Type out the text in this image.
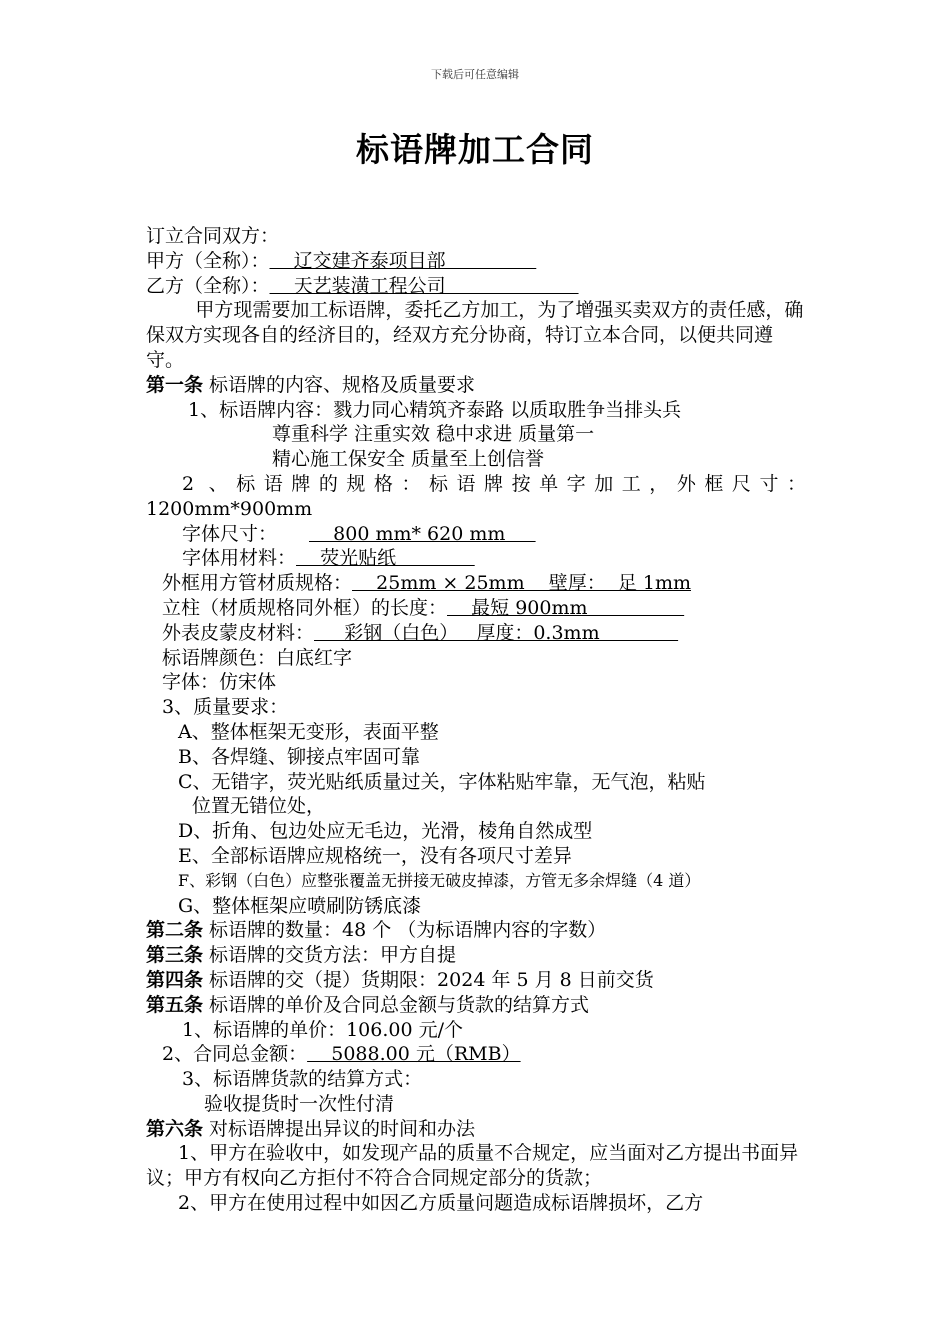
下载后可任意编辑
标语牌加工合同
订立合同双方：
甲方（全称）：    辽交建齐泰项目部
乙方（全称）：    天艺装潢工程公司
甲方现需要加工标语牌，委托乙方加工，为了增强买卖双方的责任感，确保双方实现各自的经济目的，经双方充分协商，特订立本合同，以便共同遵守。
第一条 标语牌的内容、规格及质量要求
1、标语牌内容：戮力同心精筑齐泰路 以质取胜争当排头兵
尊重科学 注重实效 稳中求进 质量第一
精心施工保安全 质量至上创信誉
2 、标语牌的规格：标语牌按单字加工，外框尺寸：
1200mm*900mm
字体尺寸：    800 mm* 620 mm
字体用材料：    荧光贴纸
外框用方管材质规格：    25mm × 25mm    壁厚：  足 1mm
立柱（材质规格同外框）的长度：    最短 900mm
外表皮蒙皮材料：     彩钢（白色）   厚度：0.3mm
标语牌颜色：白底红字
字体：仿宋体
3、质量要求：
A、整体框架无变形，表面平整
B、各焊缝、铆接点牢固可靠
C、无错字，荧光贴纸质量过关，字体粘贴牢靠，无气泡，粘贴
位置无错位处，
D、折角、包边处应无毛边，光滑，棱角自然成型
E、全部标语牌应规格统一，没有各项尺寸差异
F、彩钢（白色）应整张覆盖无拼接无破皮掉漆，方管无多余焊缝（4 道）
G、整体框架应喷刷防锈底漆
第二条 标语牌的数量：48 个 （为标语牌内容的字数）
第三条 标语牌的交货方法：甲方自提
第四条 标语牌的交（提）货期限：2024 年 5 月 8 日前交货
第五条 标语牌的单价及合同总金额与货款的结算方式
1、标语牌的单价：106.00 元/个
2、合同总金额：    5088.00 元（RMB）
3、标语牌货款的结算方式：
验收提货时一次性付清
第六条 对标语牌提出异议的时间和办法
1、甲方在验收中，如发现产品的质量不合规定，应当面对乙方提出书面异议；甲方有权向乙方拒付不符合合同规定部分的货款；
2、甲方在使用过程中如因乙方质量问题造成标语牌损坏，乙方
